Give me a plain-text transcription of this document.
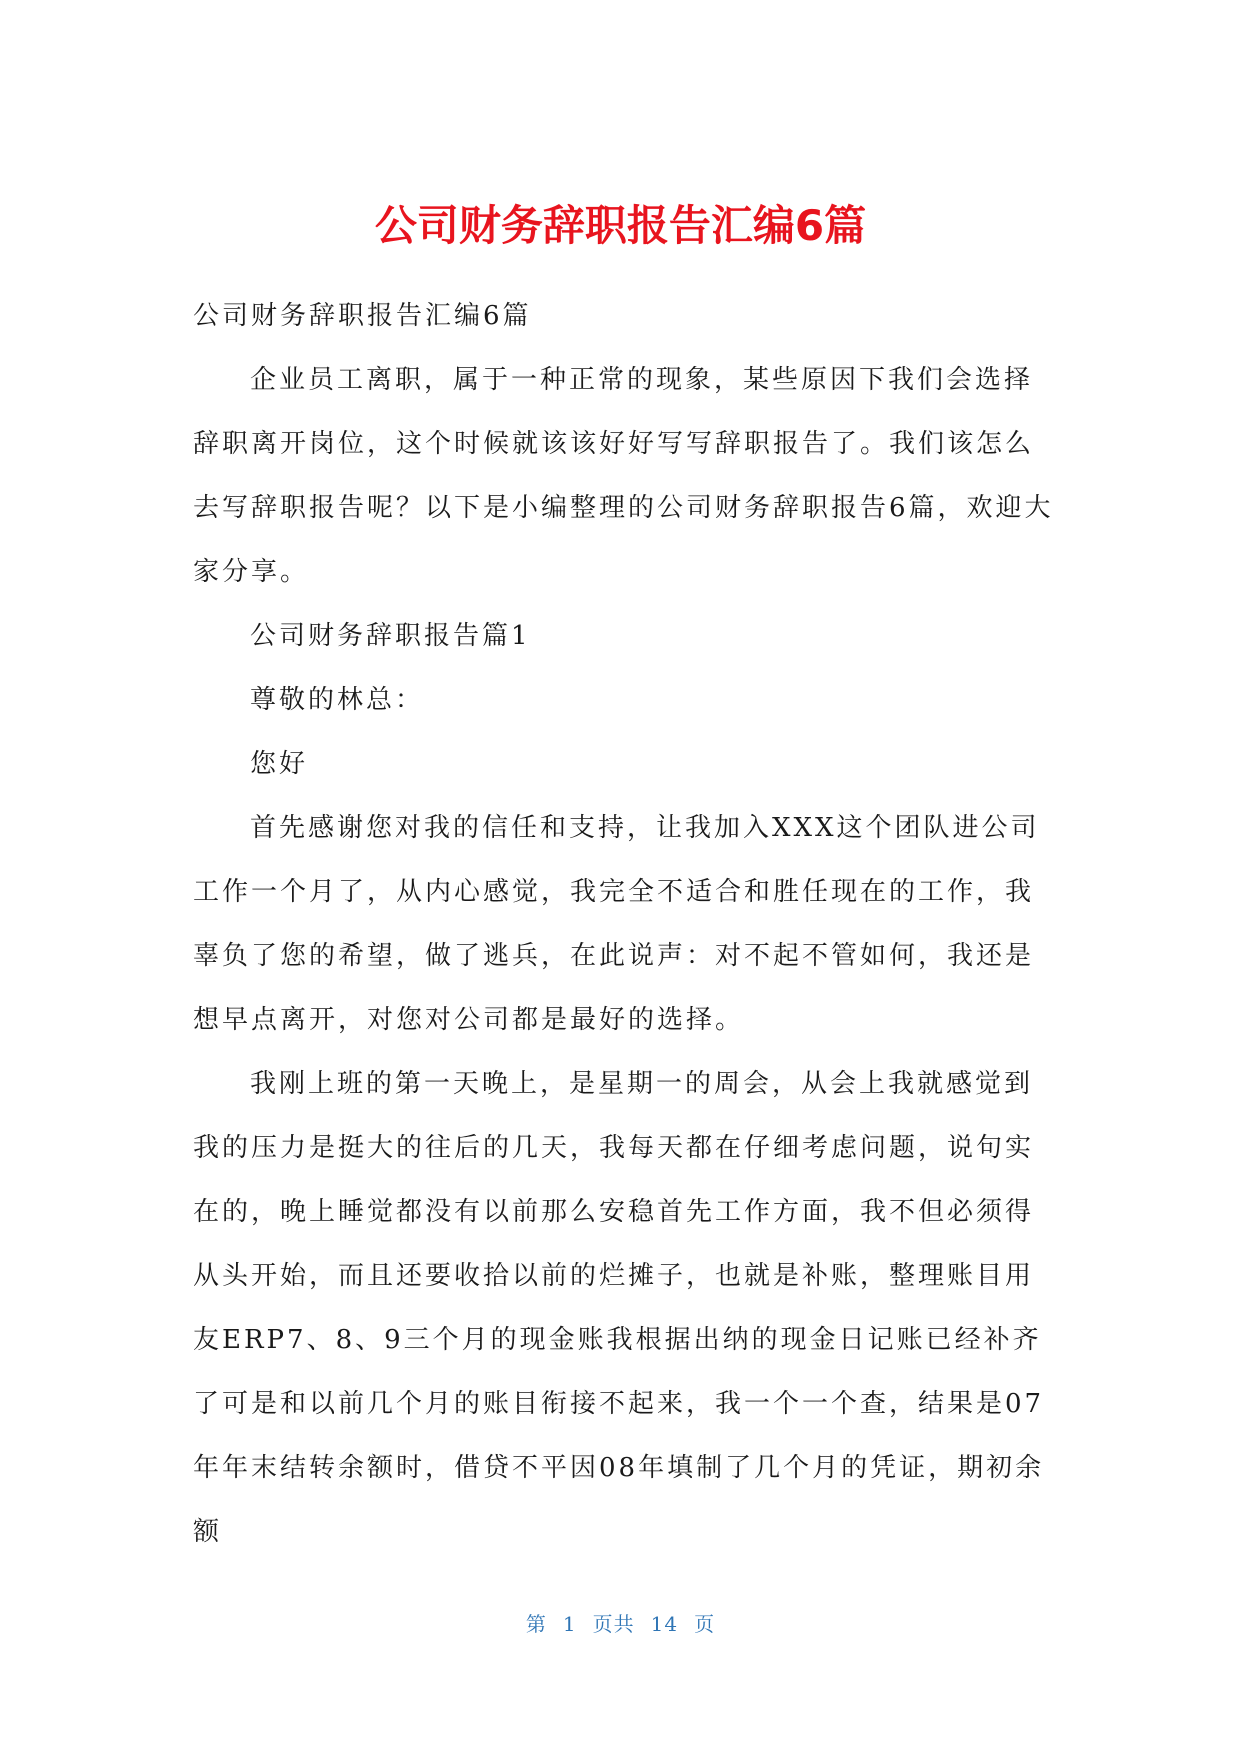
公司财务辞职报告汇编6篇

公司财务辞职报告汇编6篇

企业员工离职，属于一种正常的现象，某些原因下我们会选择辞职离开岗位，这个时候就该该好好写写辞职报告了。我们该怎么去写辞职报告呢？以下是小编整理的公司财务辞职报告6篇，欢迎大家分享。

公司财务辞职报告篇1

尊敬的林总：

您好

首先感谢您对我的信任和支持，让我加入XXX这个团队进公司工作一个月了，从内心感觉，我完全不适合和胜任现在的工作，我辜负了您的希望，做了逃兵，在此说声：对不起不管如何，我还是想早点离开，对您对公司都是最好的选择。

我刚上班的第一天晚上，是星期一的周会，从会上我就感觉到我的压力是挺大的往后的几天，我每天都在仔细考虑问题，说句实在的，晚上睡觉都没有以前那么安稳首先工作方面，我不但必须得从头开始，而且还要收拾以前的烂摊子，也就是补账，整理账目用友ERP7、8、9三个月的现金账我根据出纳的现金日记账已经补齐了可是和以前几个月的账目衔接不起来，我一个一个查，结果是07年年末结转余额时，借贷不平因08年填制了几个月的凭证，期初余额

第 1 页共 14 页
